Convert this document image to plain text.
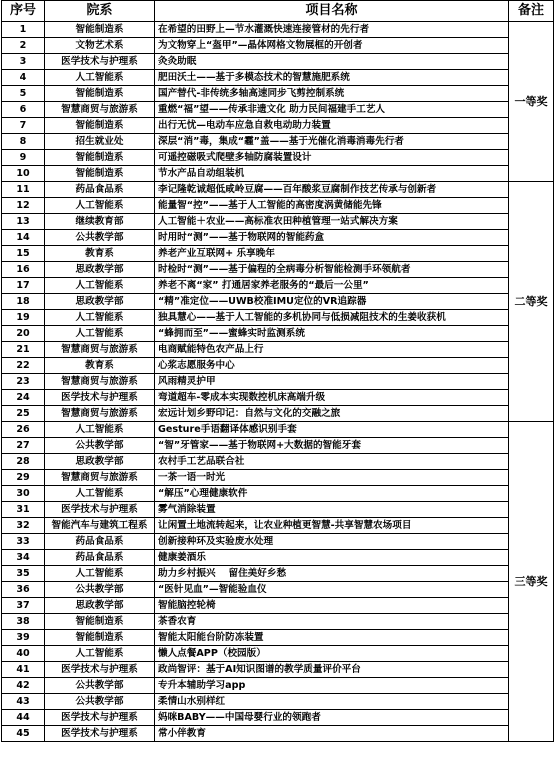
序号	院系	项目名称	备注
1	智能制造系	在希望的田野上—节水灌溉快速连接管材的先行者	一等奖
2	文物艺术系	为文物穿上“盔甲”—晶体网格文物展框的开创者	
3	医学技术与护理系	灸灸助眠	
4	人工智能系	肥田沃土——基于多模态技术的智慧施肥系统	
5	智能制造系	国产替代-非传统多轴高速同步飞剪控制系统	
6	智慧商贸与旅游系	重燃“福”望——传承非遗文化 助力民间福建手工艺人	
7	智能制造系	出行无忧—电动车应急自救电动助力装置	
8	招生就业处	深层“消”毒，集成“霾”盖——基于光催化消毒消毒先行者	
9	智能制造系	可遥控磁吸式爬壁多轴防腐装置设计	
10	智能制造系	节水产品自动组装机	
11	药品食品系	李记隆乾诚超低咸岭豆腐——百年酸浆豆腐制作技艺传承与创新者	二等奖
12	人工智能系	能量智“控”——基于人工智能的高密度涡黄储能先锋	
13	继续教育部	人工智能＋农业——高标准农田种植管理一站式解决方案	
14	公共教学部	时用时“测”——基于物联网的智能药盒	
15	教育系	养老产业互联网+ 乐享晚年	
16	思政教学部	时检时“测”——基于偏程的全病毒分析智能检测手环领航者	
17	人工智能系	养老不离“家” 打通居家养老服务的“最后一公里”	
18	思政教学部	“精”准定位——UWB校准IMU定位的VR追踪器	
19	人工智能系	独具慧心——基于人工智能的多机协同与低损减阻技术的生姜收获机	
20	人工智能系	“蜂拥而至”——蜜蜂实时监测系统	
21	智慧商贸与旅游系	电商赋能特色农产品上行	
22	教育系	心浆志愿服务中心	
23	智慧商贸与旅游系	风雨精灵护甲	
24	医学技术与护理系	弯道超车-零成本实现数控机床高端升级	
25	智慧商贸与旅游系	宏远计划乡野印记：自然与文化的交融之旅	
26	人工智能系	Gesture手语翻译体感识别手套	三等奖
27	公共教学部	“智”牙管家——基于物联网+大数据的智能牙套	
28	思政教学部	农村手工艺品联合社	
29	智慧商贸与旅游系	一茶一语一时光	
30	人工智能系	“解压”心理健康软件	
31	医学技术与护理系	雾气消除装置	
32	智能汽车与建筑工程系	让闲置土地流转起来，让农业种植更智慧-共享智慧农场项目	
33	药品食品系	创新接种环及实验废水处理	
34	药品食品系	健康姜酒乐	
35	人工智能系	助力乡村振兴　 留住美好乡愁	
36	公共教学部	“医针见血”—智能验血仪	
37	思政教学部	智能脑控轮椅	
38	智能制造系	茶香农育	
39	智能制造系	智能太阳能台阶防冻装置	
40	人工智能系	懒人点餐APP（校园版）	
41	医学技术与护理系	政尚智评：基于AI知识图谱的教学质量评价平台	
42	公共教学部	专升本辅助学习app	
43	公共教学部	柔情山水别样红	
44	医学技术与护理系	妈咪BABY——中国母婴行业的领跑者	
45	医学技术与护理系	常小伴教育	
